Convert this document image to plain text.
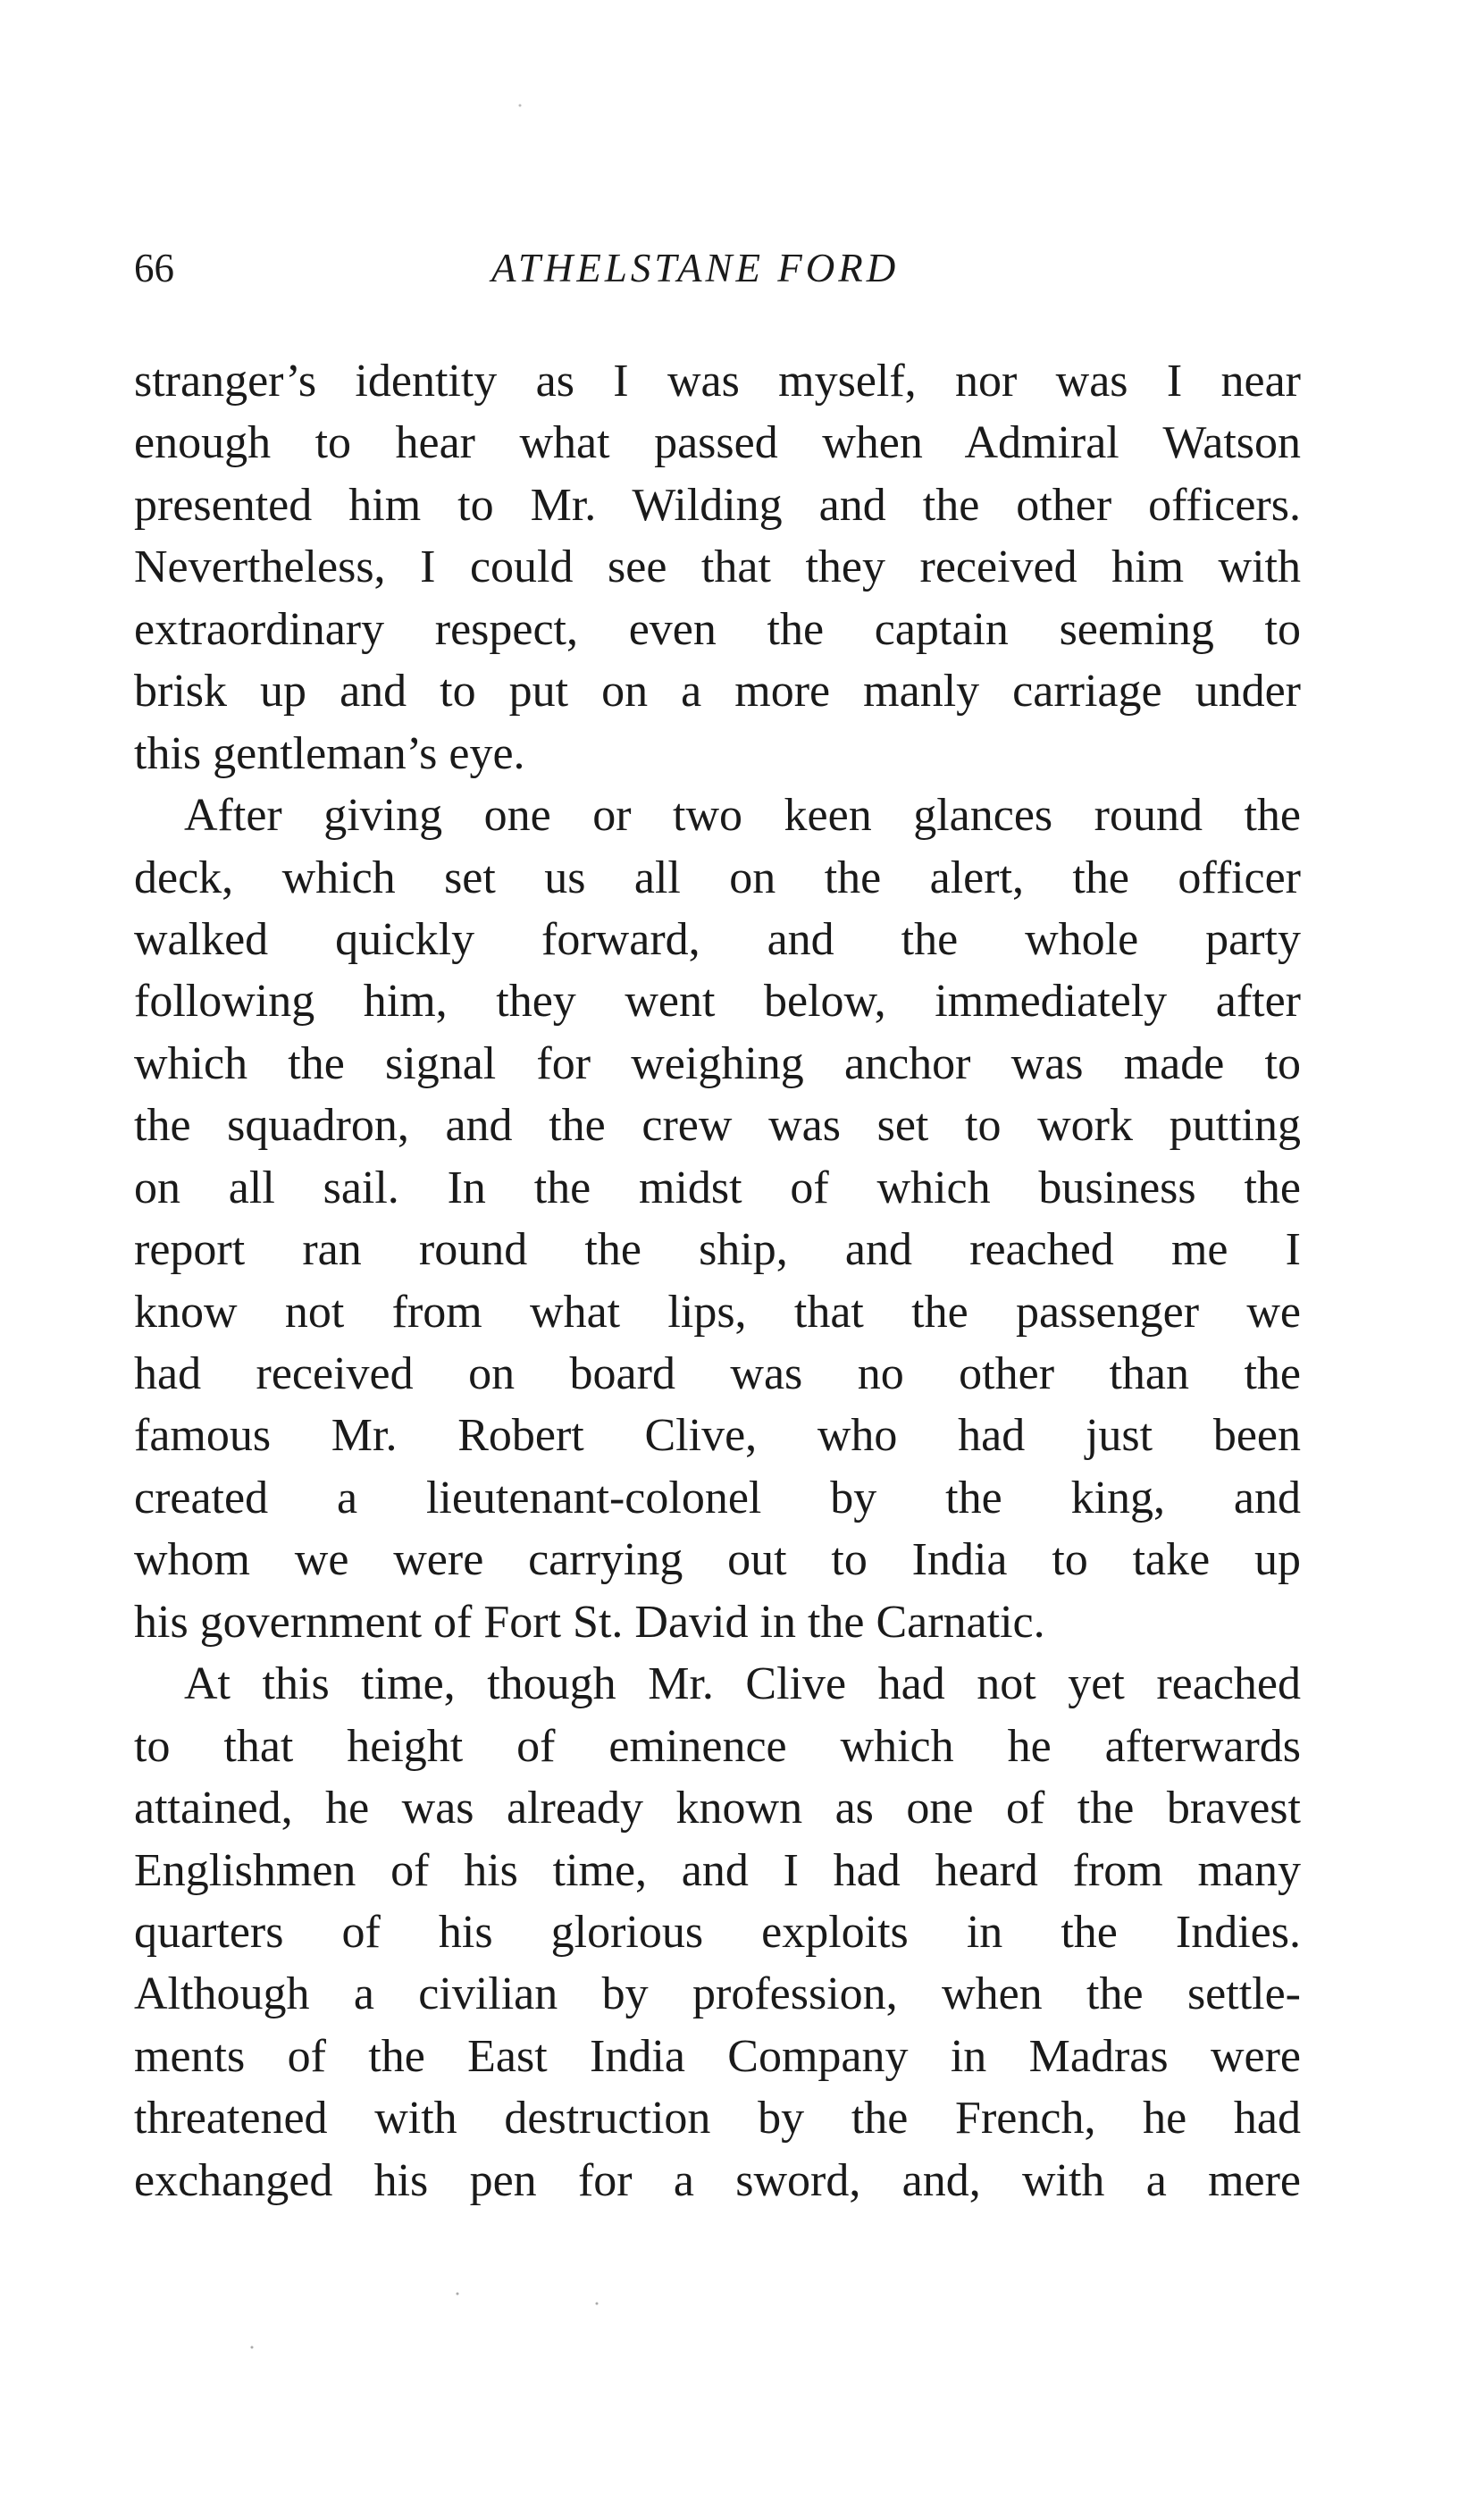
66	ATHELSTANE FORD
stranger’s identity as I was myself, nor was I near
enough to hear what passed when Admiral Watson
presented him to Mr. Wilding and the other officers.
Nevertheless, I could see that they received him with
extraordinary respect, even the captain seeming to
brisk up and to put on a more manly carriage under
this gentleman’s eye.
After giving one or two keen glances round the
deck, which set us all on the alert, the officer
walked quickly forward, and the whole party
following him, they went below, immediately after
which the signal for weighing anchor was made to
the squadron, and the crew was set to work putting
on all sail. In the midst of which business the
report ran round the ship, and reached me I
know not from what lips, that the passenger we
had received on board was no other than the
famous Mr. Robert Clive, who had just been
created a lieutenant-colonel by the king, and
whom we were carrying out to India to take up
his government of Fort St. David in the Carnatic.
At this time, though Mr. Clive had not yet reached
to that height of eminence which he afterwards
attained, he was already known as one of the bravest
Englishmen of his time, and I had heard from many
quarters of his glorious exploits in the Indies.
Although a civilian by profession, when the settle-
ments of the East India Company in Madras were
threatened with destruction by the French, he had
exchanged his pen for a sword, and, with a mere
